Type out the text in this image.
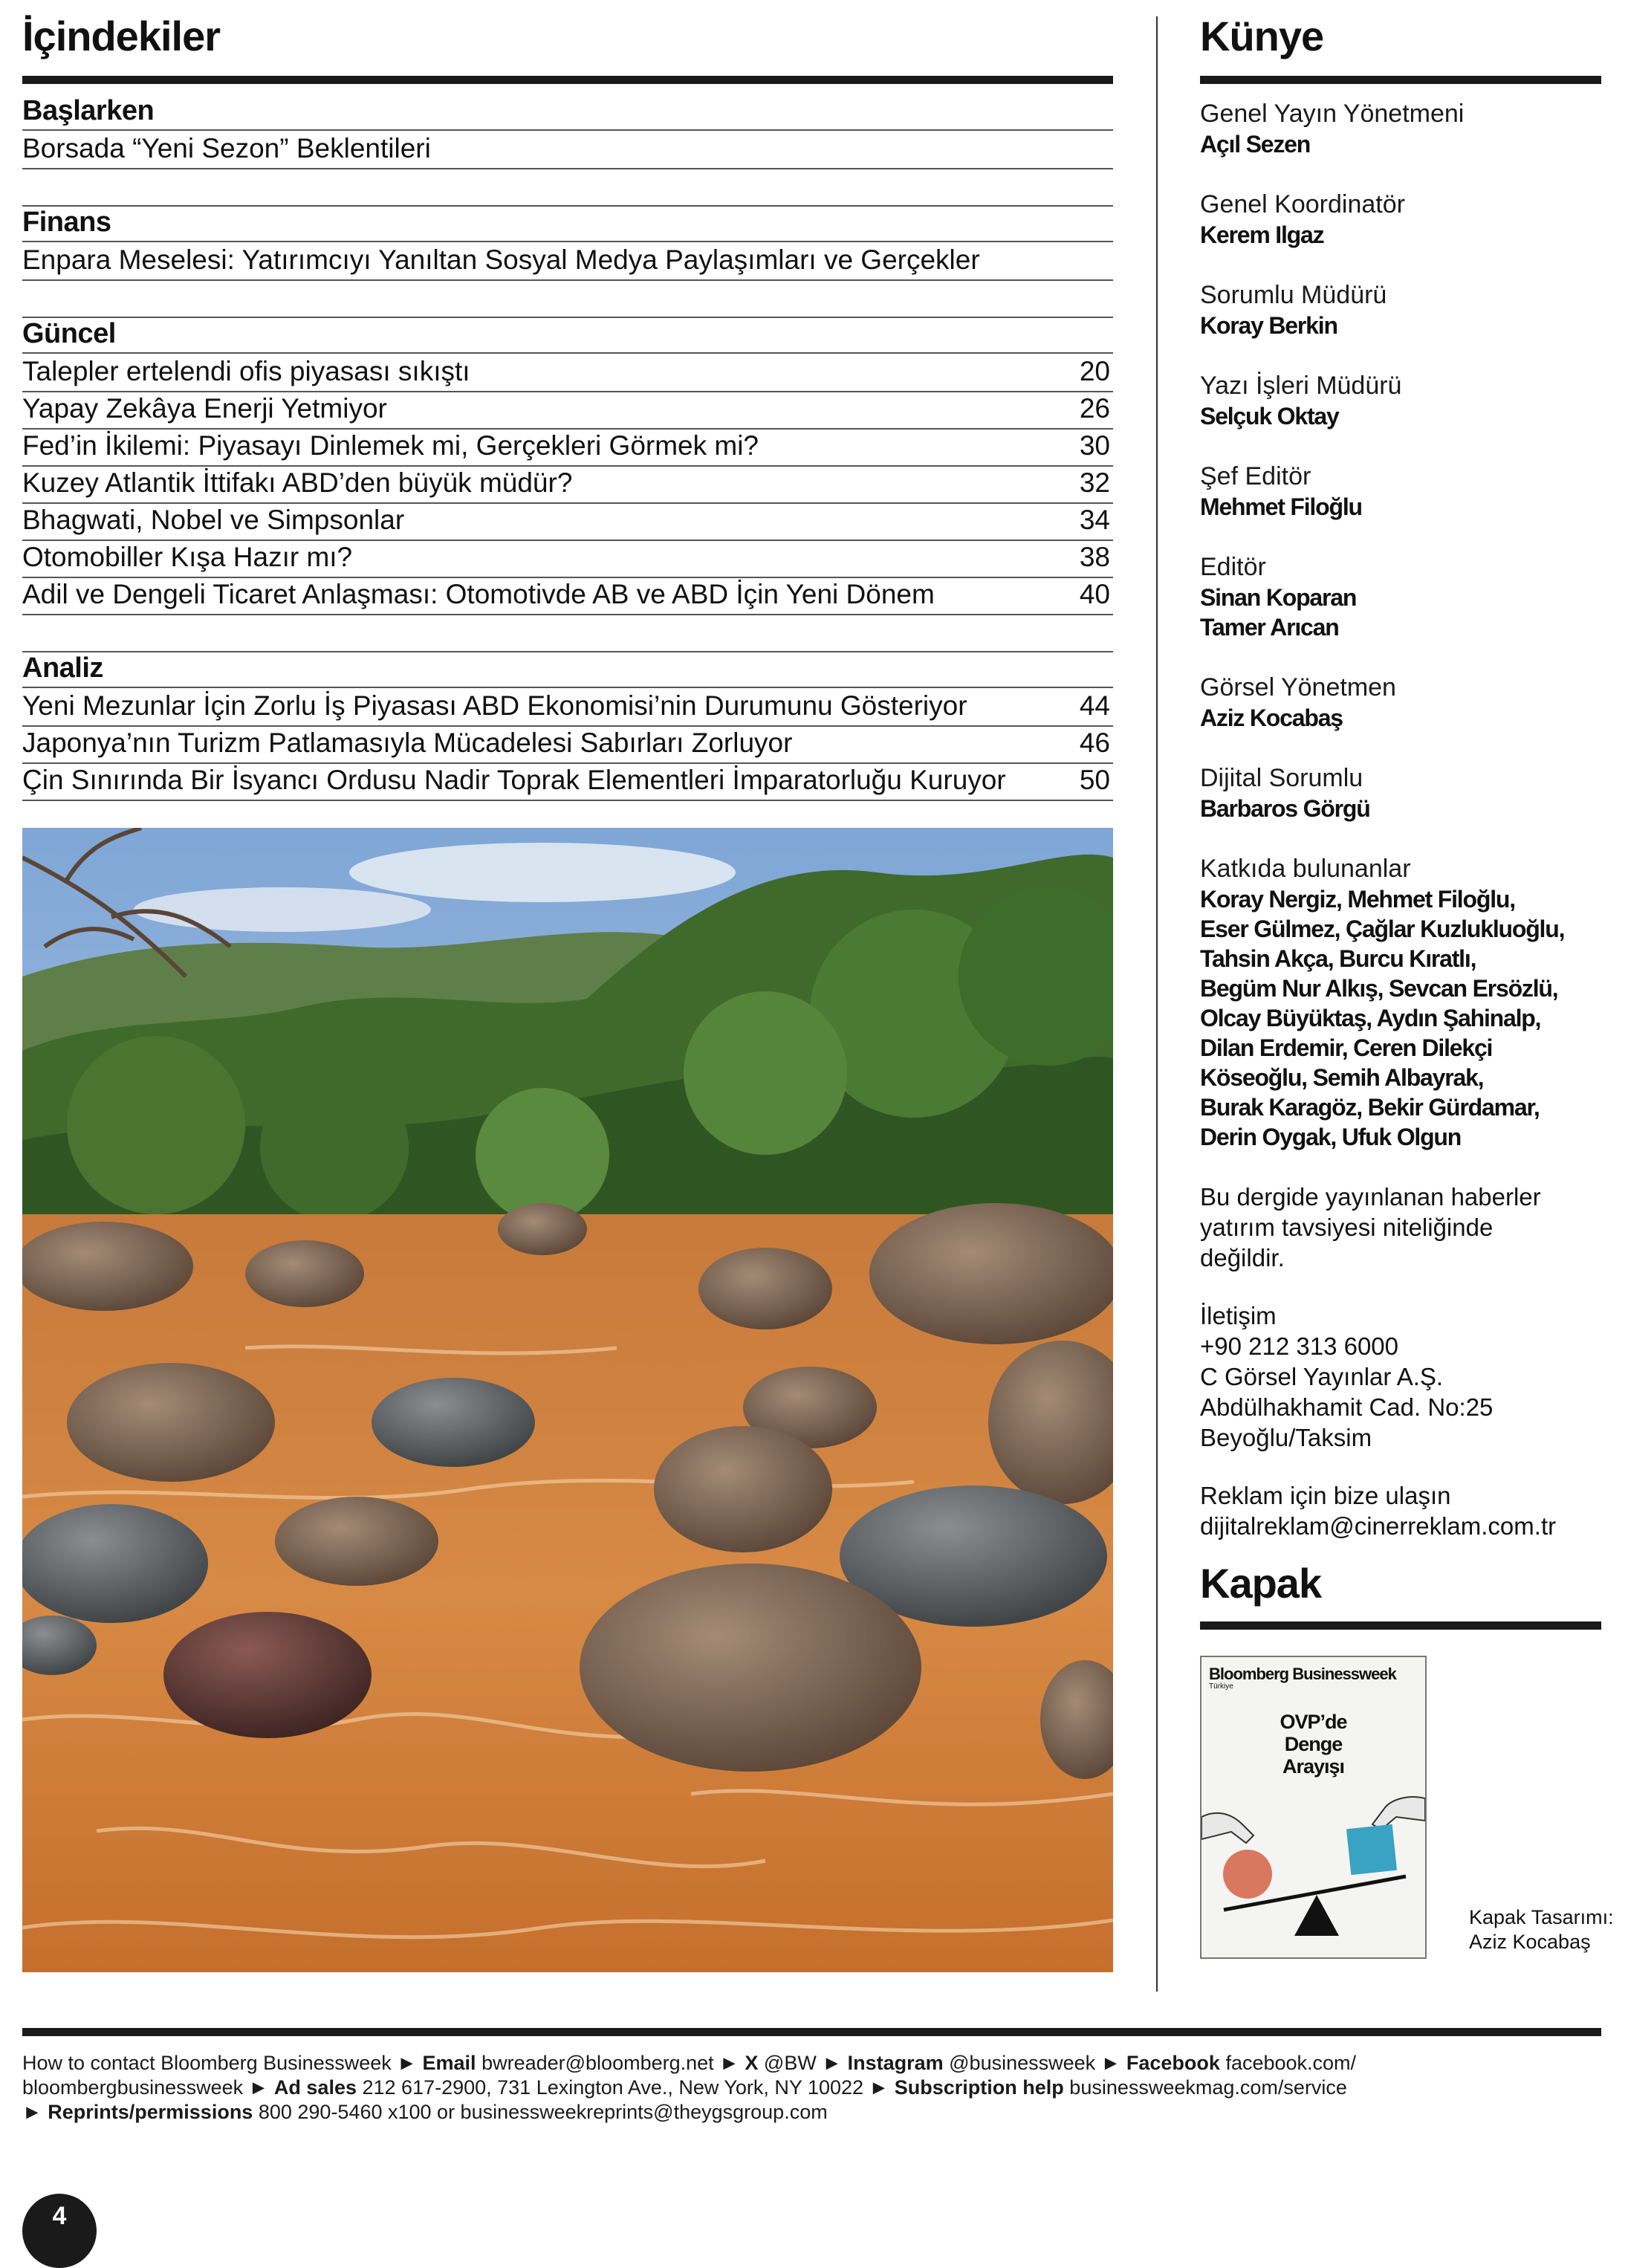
İçindekiler
Başlarken
Borsada “Yeni Sezon” Beklentileri
Finans
Enpara Meselesi: Yatırımcıyı Yanıltan Sosyal Medya Paylaşımları ve Gerçekler
Güncel
Talepler ertelendi ofis piyasası sıkıştı	20
Yapay Zekâya Enerji Yetmiyor	26
Fed’in İkilemi: Piyasayı Dinlemek mi, Gerçekleri Görmek mi?	30
Kuzey Atlantik İttifakı ABD’den büyük müdür?	32
Bhagwati, Nobel ve Simpsonlar	34
Otomobiller Kışa Hazır mı?	38
Adil ve Dengeli Ticaret Anlaşması: Otomotivde AB ve ABD İçin Yeni Dönem	40
Analiz
Yeni Mezunlar İçin Zorlu İş Piyasası ABD Ekonomisi’nin Durumunu Gösteriyor	44
Japonya’nın Turizm Patlamasıyla Mücadelesi Sabırları Zorluyor	46
Çin Sınırında Bir İsyancı Ordusu Nadir Toprak Elementleri İmparatorluğu Kuruyor	50
Künye
Genel Yayın Yönetmeni
Açıl Sezen
Genel Koordinatör
Kerem Ilgaz
Sorumlu Müdürü
Koray Berkin
Yazı İşleri Müdürü
Selçuk Oktay
Şef Editör
Mehmet Filoğlu
Editör
Sinan Koparan
Tamer Arıcan
Görsel Yönetmen
Aziz Kocabaş
Dijital Sorumlu
Barbaros Görgü
Katkıda bulunanlar
Koray Nergiz, Mehmet Filoğlu,
Eser Gülmez, Çağlar Kuzlukluoğlu,
Tahsin Akça, Burcu Kıratlı,
Begüm Nur Alkış, Sevcan Ersözlü,
Olcay Büyüktaş, Aydın Şahinalp,
Dilan Erdemir, Ceren Dilekçi
Köseoğlu, Semih Albayrak,
Burak Karagöz, Bekir Gürdamar,
Derin Oygak, Ufuk Olgun
Bu dergide yayınlanan haberler
yatırım tavsiyesi niteliğinde
değildir.
İletişim
+90 212 313 6000
C Görsel Yayınlar A.Ş.
Abdülhakhamit Cad. No:25
Beyoğlu/Taksim
Reklam için bize ulaşın
dijitalreklam@cinerreklam.com.tr
Kapak
Bloomberg Businessweek
Türkiye
OVP’de
Denge
Arayışı
Kapak Tasarımı:
Aziz Kocabaş
How to contact Bloomberg Businessweek ► Email bwreader@bloomberg.net ► X @BW ► Instagram @businessweek ► Facebook facebook.com/
bloombergbusinessweek ► Ad sales 212 617-2900, 731 Lexington Ave., New York, NY 10022 ► Subscription help businessweekmag.com/service
► Reprints/permissions 800 290-5460 x100 or businessweekreprints@theygsgroup.com
4
